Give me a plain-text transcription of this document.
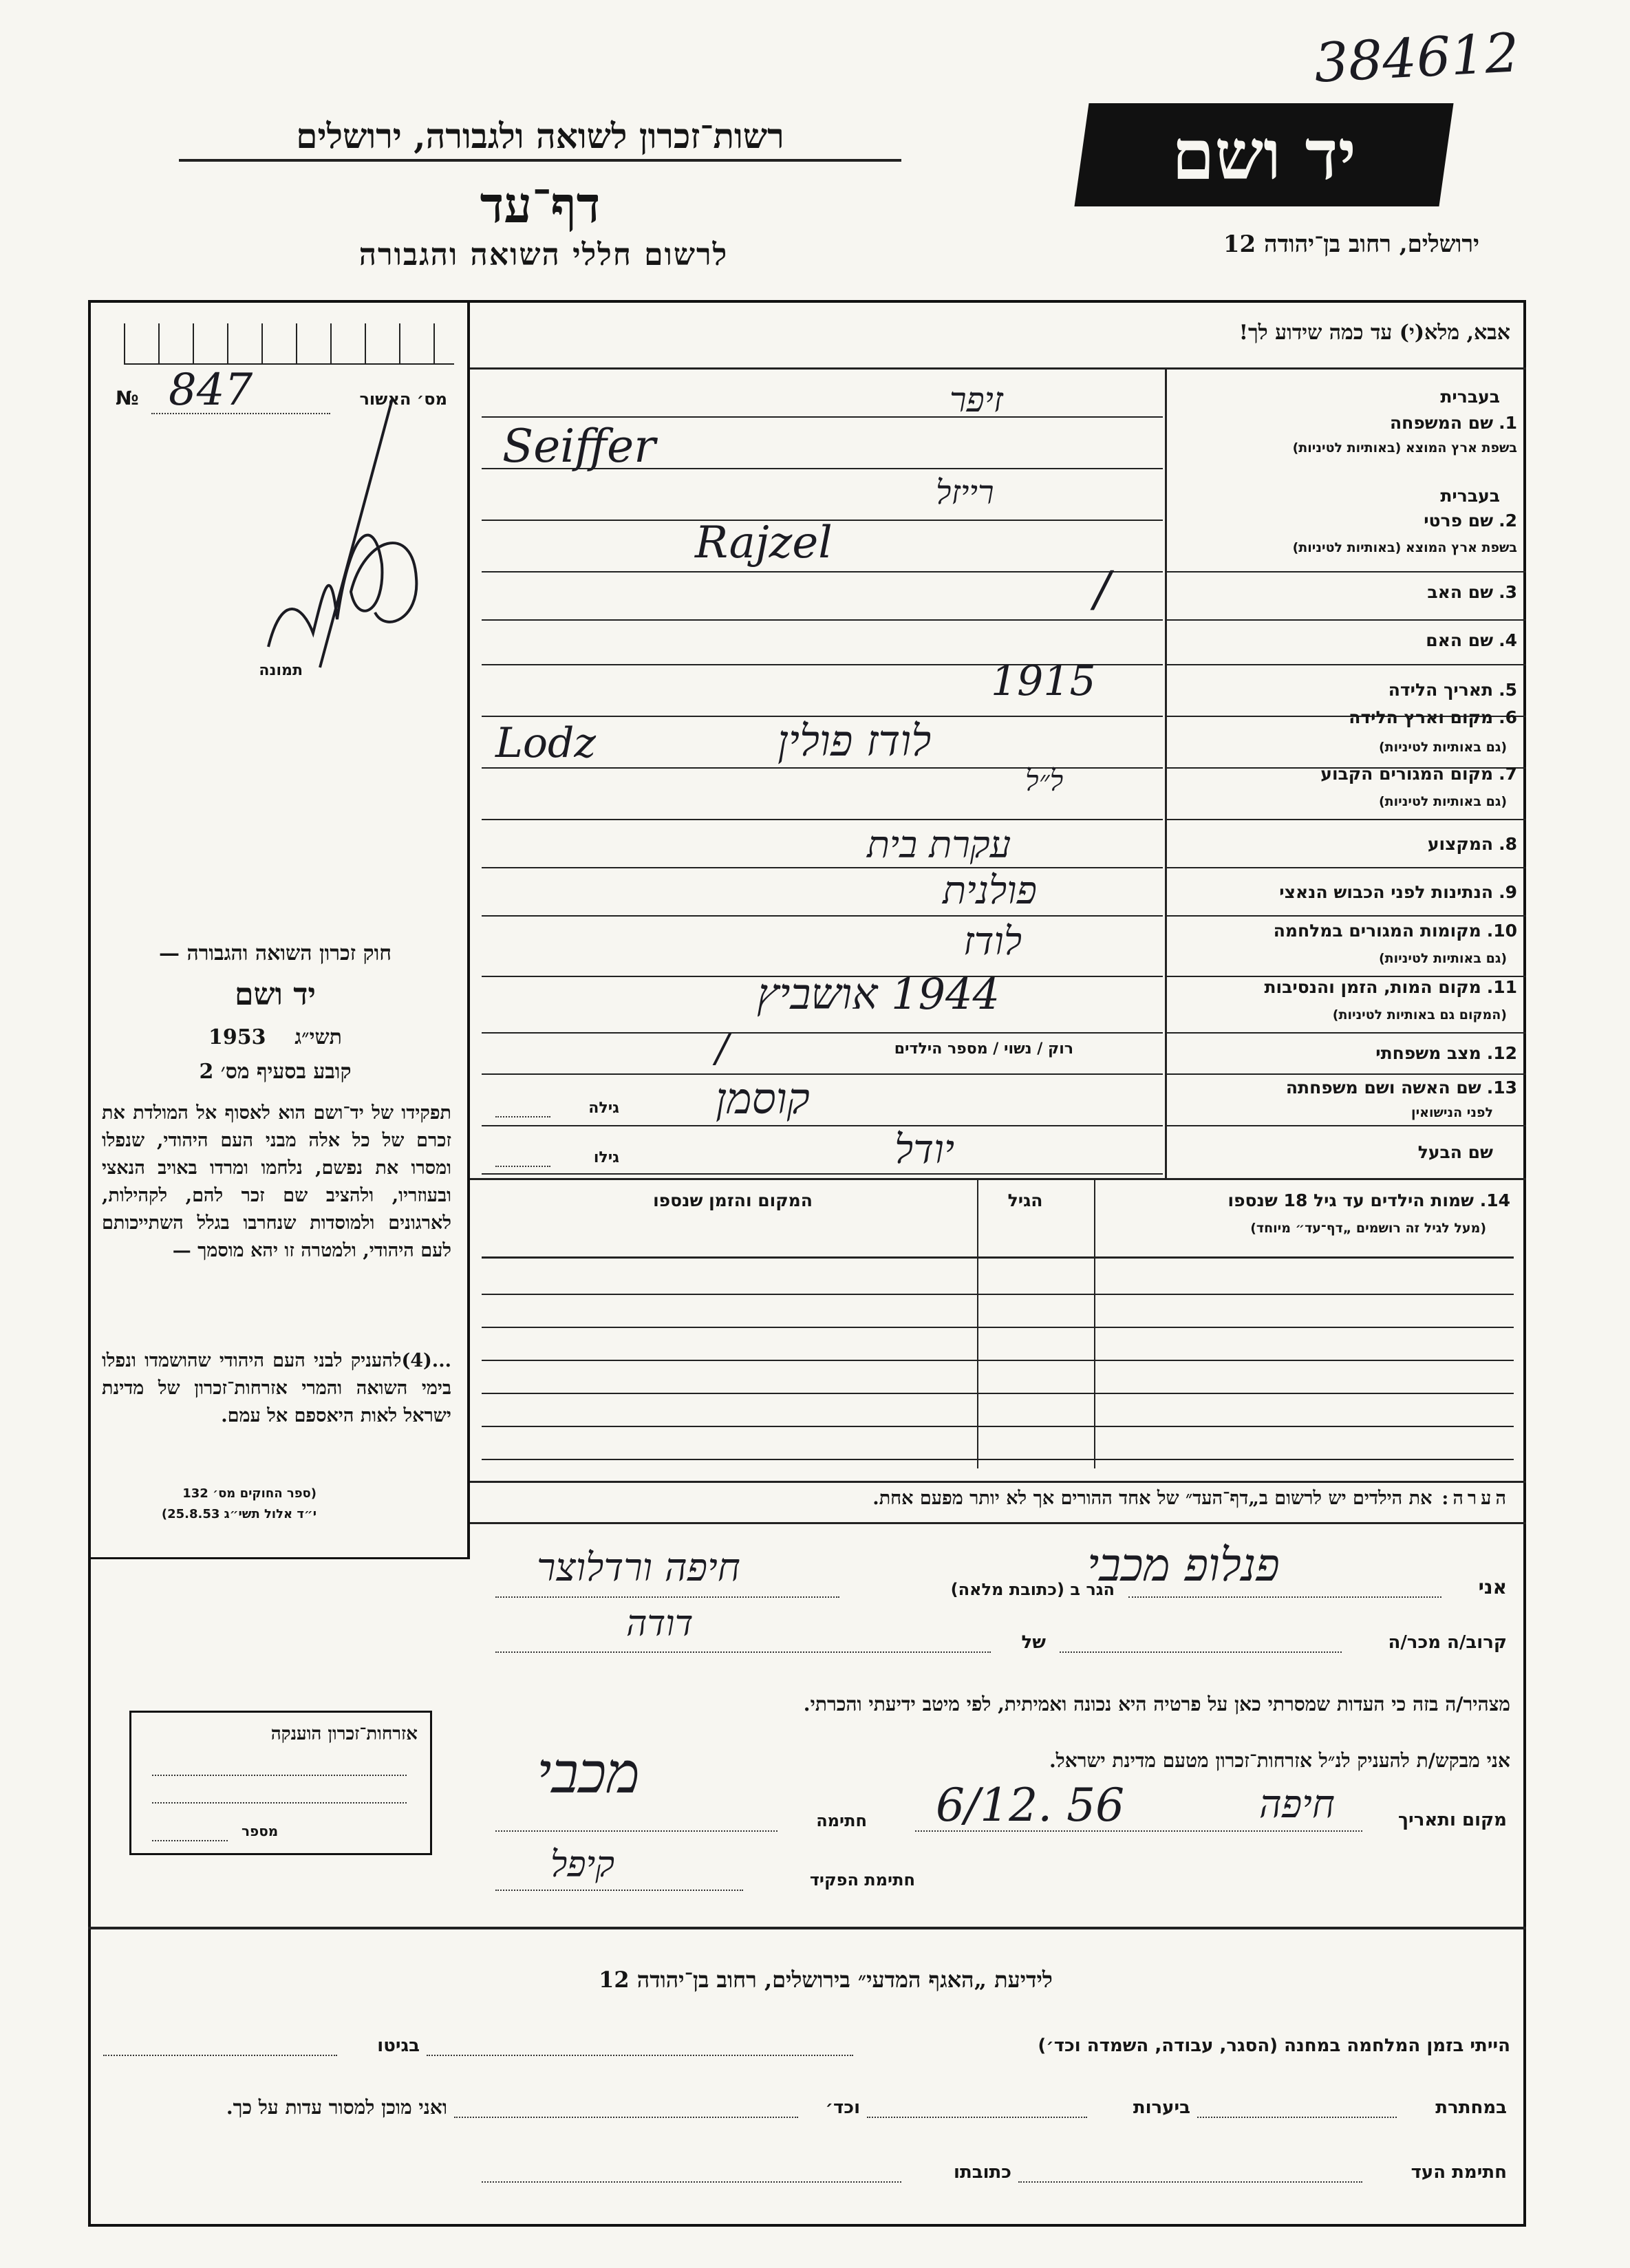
384612
רשות־זכרון לשואה ולגבורה, ירושלים
דף־עד
לרשום חללי השואה והגבורה
יד ושם
ירושלים, רחוב בן־יהודה 12
מס׳ האשור
№ 847
תמונה
חוק זכרון השואה והגבורה —
יד ושם
1953 תשי״ג
קובע בסעיף מס׳ 2
תפקידו של יד־ושם הוא לאסוף אל המולדת את זכרם של כל אלה מבני העם היהודי, שנפלו ומסרו את נפשם, נלחמו ומרדו באויב הנאצי ובעוזריו, ולהציב שם זכר להם, לקהילות, לארגונים ולמוסדות שנחרבו בגלל השתייכותם לעם היהודי, ולמטרה זו יהא מוסמך —
...(4)להעניק לבני העם היהודי שהושמדו ונפלו בימי השואה והמרי אזרחות־זכרון של מדינת ישראל לאות היאספם אל עמם.
(ספר החוקים מס׳ 132
י״ד אלול תשי״ג 25.8.53)
אזרחות־זכרון הוענקה
מספר
אבא, מלא(י) עד כמה שידוע לך!
בעברית
1.שם המשפחה
בשפת ארץ המוצא (באותיות לטיניות)
זיפר
Seiffer
בעברית
2.שם פרטי
בשפת ארץ המוצא (באותיות לטיניות)
רייזל
Rajzel
3.שם האב
/
4.שם האם
5.תאריך הלידה
1915
6.מקום וארץ הלידה
(גם באותיות לטיניות)
לודז פולין
Lodz
7.מקום המגורים הקבוע
(גם באותיות לטיניות)
ל״ל
8.המקצוע
עקרת בית
9.הנתינות לפני הכבוש הנאצי
פולנית
10.מקומות המגורים במלחמה
(גם באותיות לטיניות)
לודז
11.מקום המות, הזמן והנסיבות
(המקום גם באותיות לטיניות)
1944 אושביץ
12.מצב משפחתי
רוק / נשוי / מספר הילדים
/
13.שם האשה ושם משפחתה
לפני הנישואין
קוסמן
גילה
שם הבעל
יודל
גילו
14. שמות הילדים עד גיל 18 שנספו
(מעל לגיל זה רושמים „דף־עד״ מיוחד)
הגיל
המקום והזמן שנספו
הערה:את הילדים יש לרשום ב„דף־העד״ של אחד ההורים אך לא יותר מפעם אחת.
אני
פנלופ מכבי
הגר ב (כתובת מלאה)
חיפה ורדלוצר
קרוב/ה מכר/ה
של
דודה
מצהיר/ה בזה כי העדות שמסרתי כאן על פרטיה היא נכונה ואמיתית, לפי מיטב ידיעתי והכרתי.
אני מבקש/ת להעניק לנ״ל אזרחות־זכרון מטעם מדינת ישראל.
מקום ותאריך
חיפה
6/12. 56
חתימה
מכבי
חתימת הפקיד
קיפל
לידיעת „האגף המדעי״ בירושלים, רחוב בן־יהודה 12
הייתי בזמן המלחמה במחנה (הסגר, עבודה, השמדה וכד׳)
בגיטו
במחתרת
ביערות
וכד׳
ואני מוכן למסור עדות על כך.
חתימת העד
כתובתו
